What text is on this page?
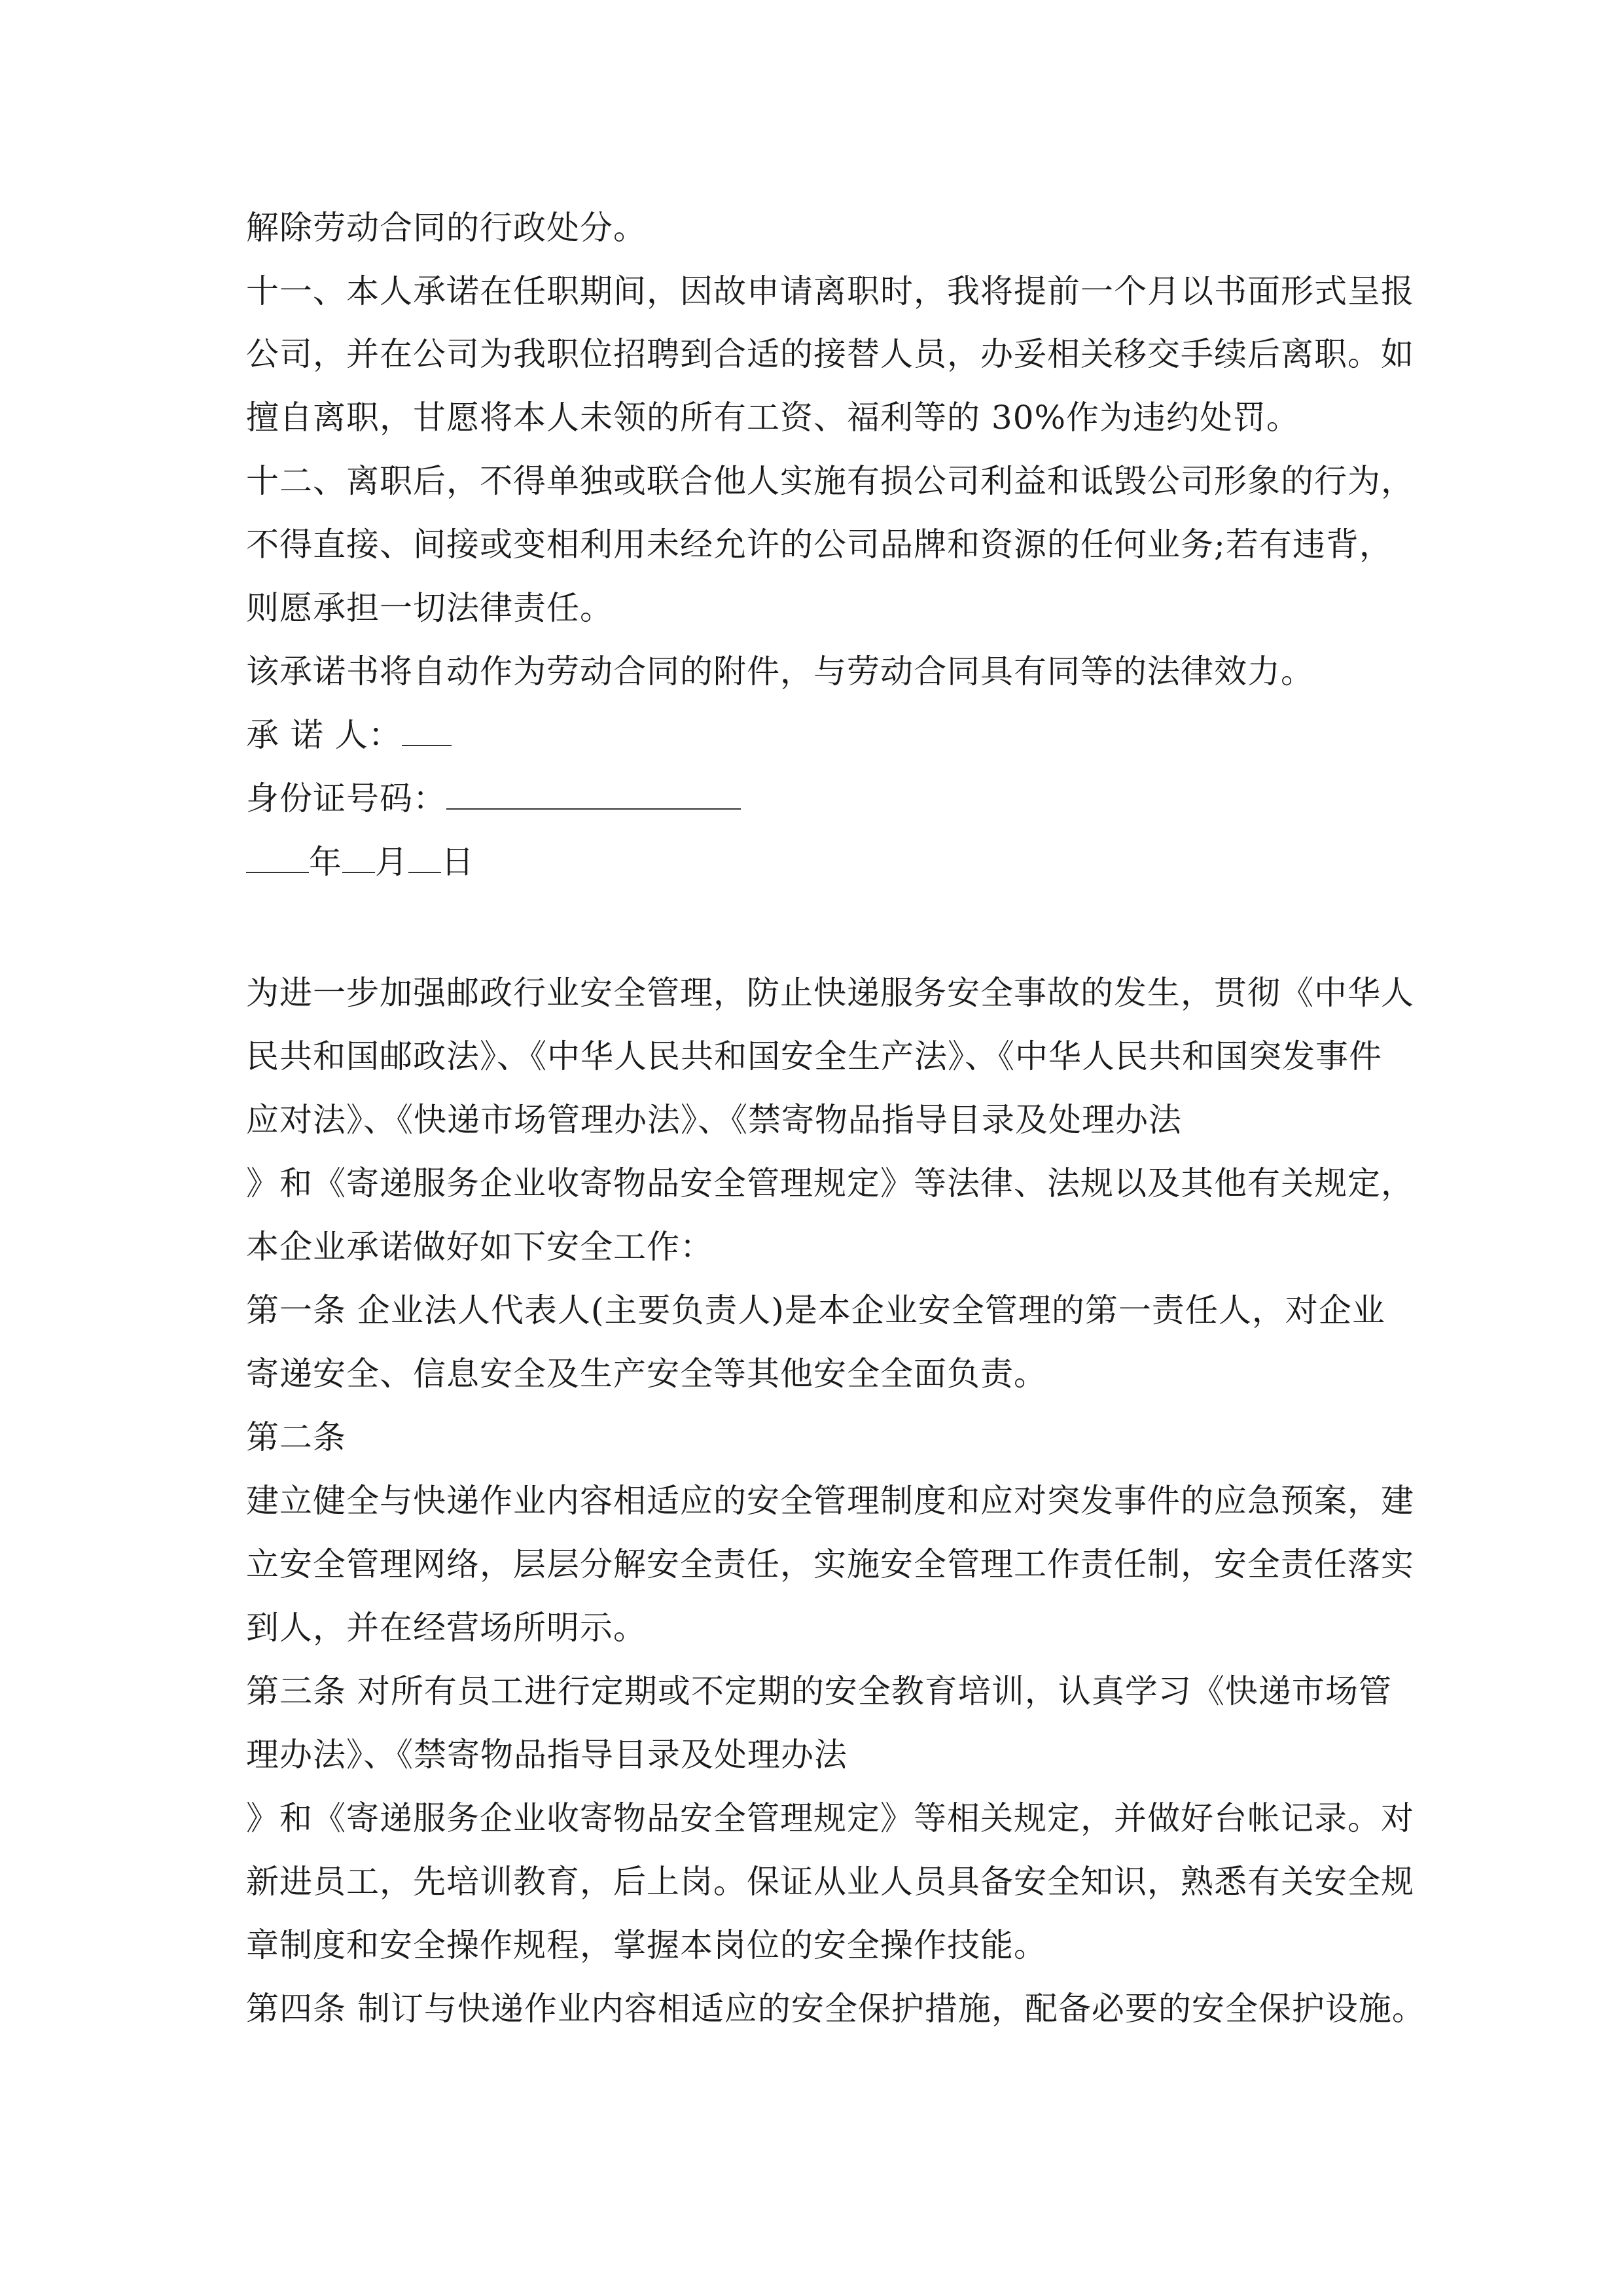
解除劳动合同的行政处分。
十一、本人承诺在任职期间，因故申请离职时，我将提前一个月以书面形式呈报
公司，并在公司为我职位招聘到合适的接替人员，办妥相关移交手续后离职。如
擅自离职，甘愿将本人未领的所有工资、福利等的 30%作为违约处罚。
十二、离职后，不得单独或联合他人实施有损公司利益和诋毁公司形象的行为，
不得直接、间接或变相利用未经允许的公司品牌和资源的任何业务;若有违背，
则愿承担一切法律责任。
该承诺书将自动作为劳动合同的附件，与劳动合同具有同等的法律效力。
承 诺 人：
身份证号码：
年 月 日
为进一步加强邮政行业安全管理，防止快递服务安全事故的发生，贯彻《中华人
民共和国邮政法》、《中华人民共和国安全生产法》、《中华人民共和国突发事件
应对法》、《快递市场管理办法》、《禁寄物品指导目录及处理办法
》和《寄递服务企业收寄物品安全管理规定》等法律、法规以及其他有关规定，
本企业承诺做好如下安全工作：
第一条 企业法人代表人(主要负责人)是本企业安全管理的第一责任人，对企业
寄递安全、信息安全及生产安全等其他安全全面负责。
第二条
建立健全与快递作业内容相适应的安全管理制度和应对突发事件的应急预案，建
立安全管理网络，层层分解安全责任，实施安全管理工作责任制，安全责任落实
到人，并在经营场所明示。
第三条 对所有员工进行定期或不定期的安全教育培训，认真学习《快递市场管
理办法》、《禁寄物品指导目录及处理办法
》和《寄递服务企业收寄物品安全管理规定》等相关规定，并做好台帐记录。对
新进员工，先培训教育，后上岗。保证从业人员具备安全知识，熟悉有关安全规
章制度和安全操作规程，掌握本岗位的安全操作技能。
第四条 制订与快递作业内容相适应的安全保护措施，配备必要的安全保护设施。
